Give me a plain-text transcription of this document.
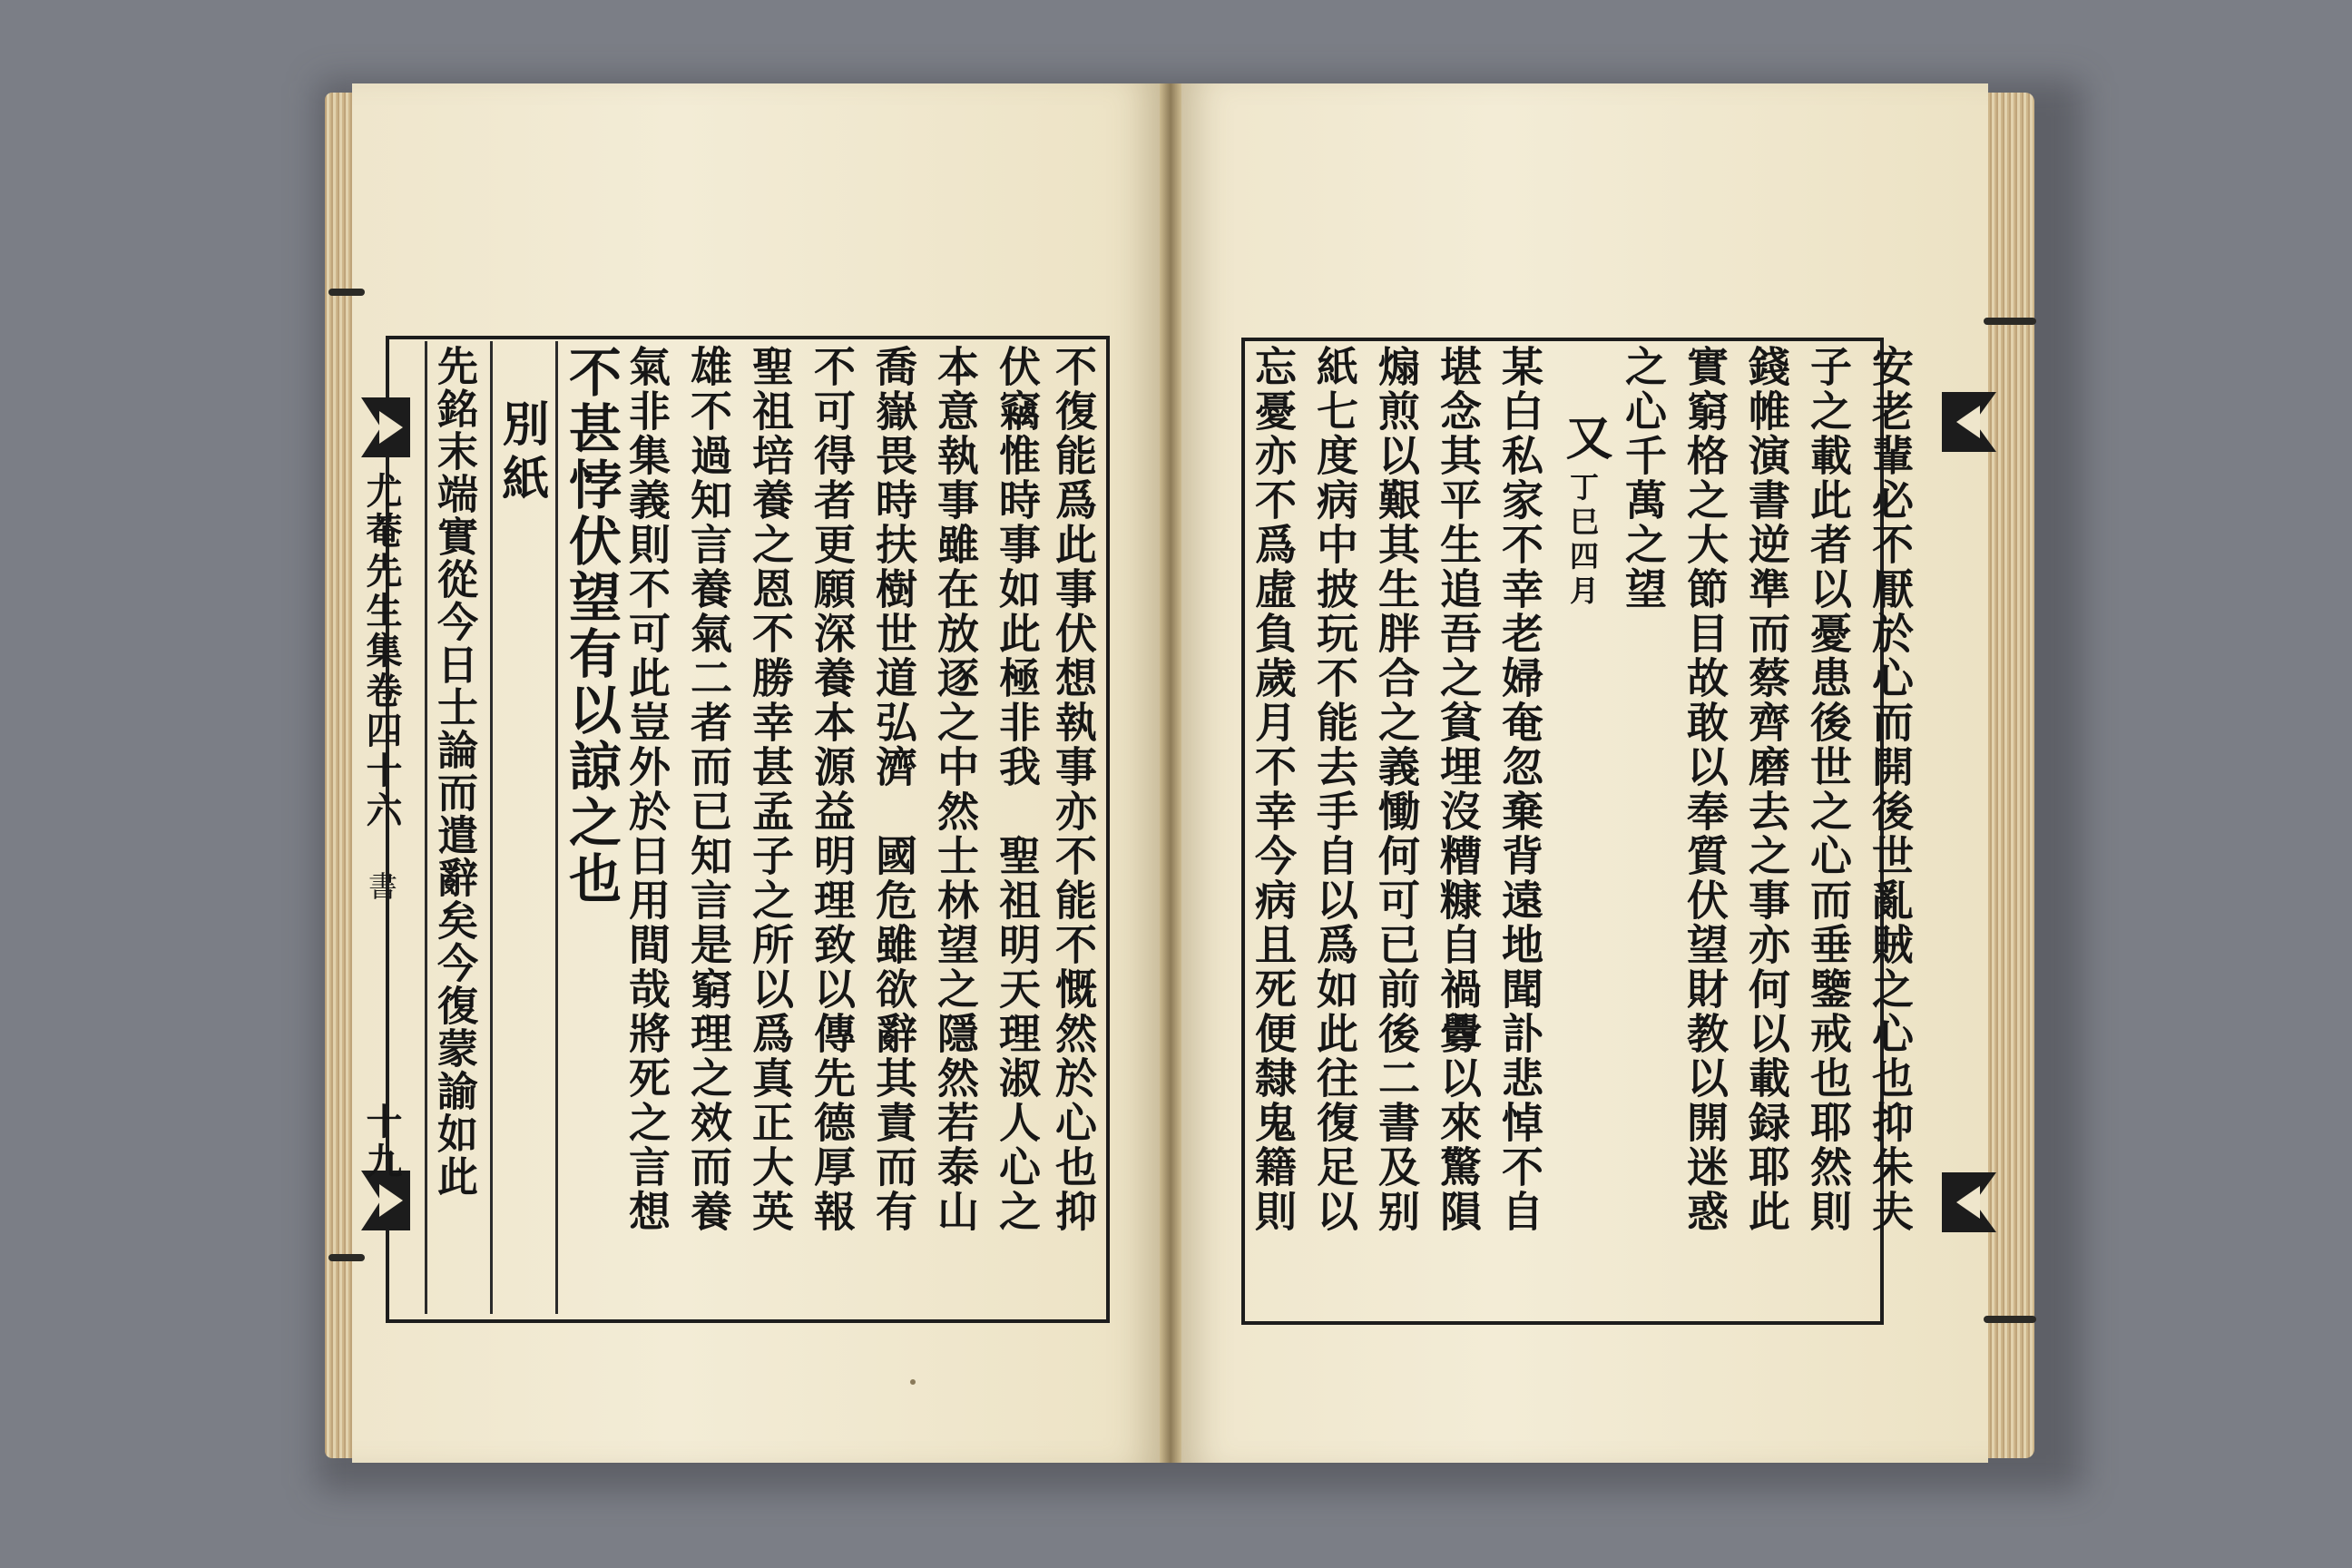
尤菴先生集卷四十六
書
十九 先銘末端實從今日士論而遣辭矣今復蒙諭如此 別紙 不甚悖伏望有以諒之也 氣非集義則不可此豈外於日用間哉將死之言想 雄不過知言養氣二者而已知言是窮理之效而養 聖祖培養之恩不勝幸甚孟子之所以爲真正大英 不可得者更願深養本源益明理致以傳先德厚報 喬嶽畏時扶樹世道弘濟　國危雖欲辭其責而有 本意執事雖在放逐之中然士林望之隱然若泰山 伏竊惟時事如此極非我　聖祖明天理淑人心之 不復能爲此事伏想執事亦不能不慨然於心也抑	忘憂亦不爲虛負歲月不幸今病且死便隸鬼籍則 紙七度病中披玩不能去手自以爲如此往復足以 煽煎以艱其生胖合之義慟何可已前後二書及别 堪念其平生追吾之貧埋沒糟糠自禍釁以來驚隕 某白私家不幸老婦奄忽棄背遠地聞訃悲悼不自 又
丁巳四月 之心千萬之望 實窮格之大節目故敢以奉質伏望財教以開迷惑 錢帷演書逆準而蔡齊磨去之事亦何以載録耶此 子之載此者以憂患後世之心而垂鑒戒也耶然則 安老輩必不厭於心而開後世亂賊之心也抑朱夫
